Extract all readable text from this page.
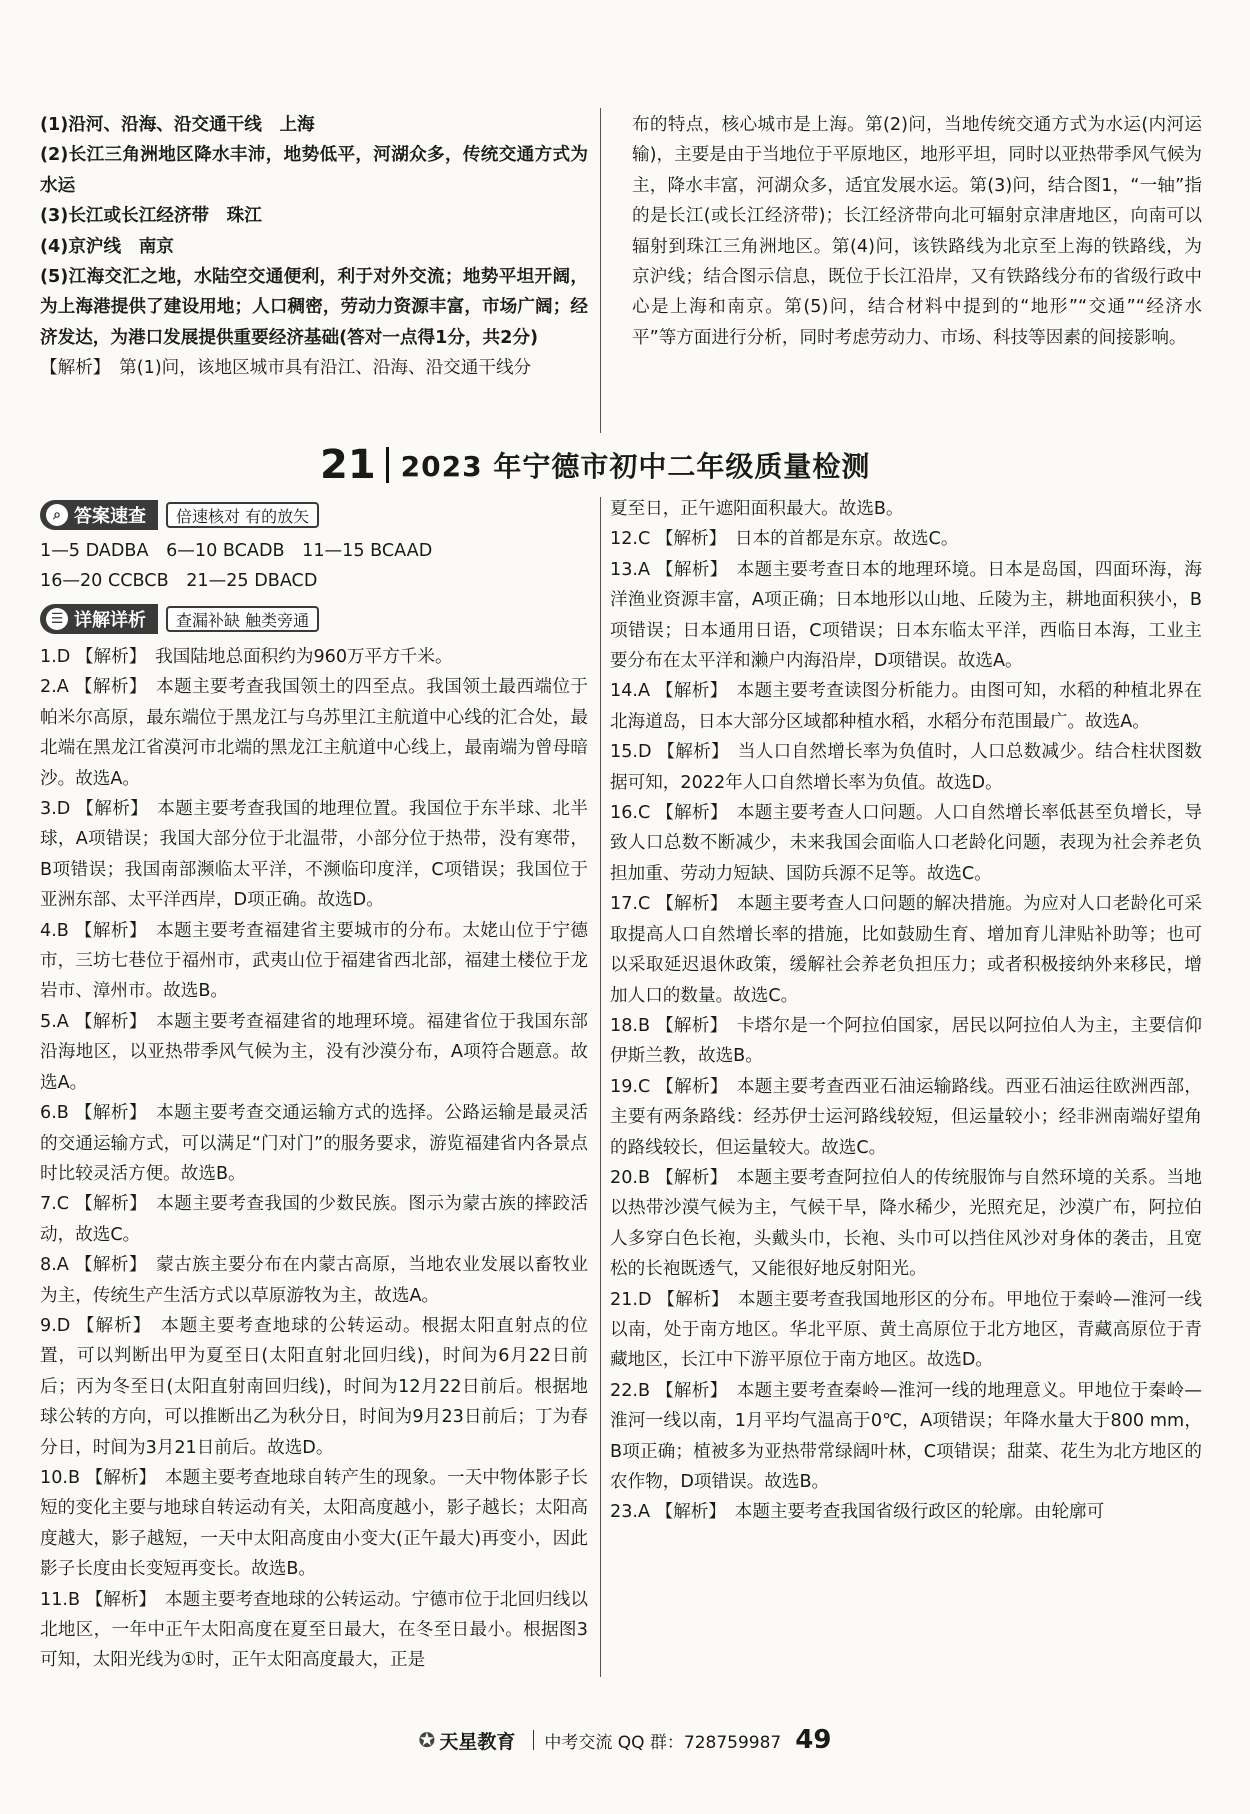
(1)沿河、沿海、沿交通干线　上海

(2)长江三角洲地区降水丰沛，地势低平，河湖众多，传统交通方式为水运

(3)长江或长江经济带　珠江

(4)京沪线　南京

(5)江海交汇之地，水陆空交通便利，利于对外交流；地势平坦开阔，为上海港提供了建设用地；人口稠密，劳动力资源丰富，市场广阔；经济发达，为港口发展提供重要经济基础(答对一点得1分，共2分)

【解析】　第(1)问，该地区城市具有沿江、沿海、沿交通干线分

布的特点，核心城市是上海。第(2)问，当地传统交通方式为水运(内河运输)，主要是由于当地位于平原地区，地形平坦，同时以亚热带季风气候为主，降水丰富，河湖众多，适宜发展水运。第(3)问，结合图1，“一轴”指的是长江(或长江经济带)；长江经济带向北可辐射京津唐地区，向南可以辐射到珠江三角洲地区。第(4)问，该铁路线为北京至上海的铁路线，为京沪线；结合图示信息，既位于长江沿岸，又有铁路线分布的省级行政中心是上海和南京。第(5)问，结合材料中提到的“地形”“交通”“经济水平”等方面进行分析，同时考虑劳动力、市场、科技等因素的间接影响。

21 2023 年宁德市初中二年级质量检测
⌕ 答案速查	倍速核对 有的放矢

1—5 DADBA　6—10 BCADB　11—15 BCAAD

16—20 CCBCB　21—25 DBACD

☰ 详解详析	查漏补缺 触类旁通

1.D 【解析】　我国陆地总面积约为960万平方千米。

2.A 【解析】　本题主要考查我国领土的四至点。我国领土最西端位于帕米尔高原，最东端位于黑龙江与乌苏里江主航道中心线的汇合处，最北端在黑龙江省漠河市北端的黑龙江主航道中心线上，最南端为曾母暗沙。故选A。

3.D 【解析】　本题主要考查我国的地理位置。我国位于东半球、北半球，A项错误；我国大部分位于北温带，小部分位于热带，没有寒带，B项错误；我国南部濒临太平洋，不濒临印度洋，C项错误；我国位于亚洲东部、太平洋西岸，D项正确。故选D。

4.B 【解析】　本题主要考查福建省主要城市的分布。太姥山位于宁德市，三坊七巷位于福州市，武夷山位于福建省西北部，福建土楼位于龙岩市、漳州市。故选B。

5.A 【解析】　本题主要考查福建省的地理环境。福建省位于我国东部沿海地区，以亚热带季风气候为主，没有沙漠分布，A项符合题意。故选A。

6.B 【解析】　本题主要考查交通运输方式的选择。公路运输是最灵活的交通运输方式，可以满足“门对门”的服务要求，游览福建省内各景点时比较灵活方便。故选B。

7.C 【解析】　本题主要考查我国的少数民族。图示为蒙古族的摔跤活动，故选C。

8.A 【解析】　蒙古族主要分布在内蒙古高原，当地农业发展以畜牧业为主，传统生产生活方式以草原游牧为主，故选A。

9.D 【解析】　本题主要考查地球的公转运动。根据太阳直射点的位置，可以判断出甲为夏至日(太阳直射北回归线)，时间为6月22日前后；丙为冬至日(太阳直射南回归线)，时间为12月22日前后。根据地球公转的方向，可以推断出乙为秋分日，时间为9月23日前后；丁为春分日，时间为3月21日前后。故选D。

10.B 【解析】　本题主要考查地球自转产生的现象。一天中物体影子长短的变化主要与地球自转运动有关，太阳高度越小，影子越长；太阳高度越大，影子越短，一天中太阳高度由小变大(正午最大)再变小，因此影子长度由长变短再变长。故选B。

11.B 【解析】　本题主要考查地球的公转运动。宁德市位于北回归线以北地区，一年中正午太阳高度在夏至日最大，在冬至日最小。根据图3可知，太阳光线为①时，正午太阳高度最大，正是

夏至日，正午遮阳面积最大。故选B。

12.C 【解析】　日本的首都是东京。故选C。

13.A 【解析】　本题主要考查日本的地理环境。日本是岛国，四面环海，海洋渔业资源丰富，A项正确；日本地形以山地、丘陵为主，耕地面积狭小，B项错误；日本通用日语，C项错误；日本东临太平洋，西临日本海，工业主要分布在太平洋和濑户内海沿岸，D项错误。故选A。

14.A 【解析】　本题主要考查读图分析能力。由图可知，水稻的种植北界在北海道岛，日本大部分区域都种植水稻，水稻分布范围最广。故选A。

15.D 【解析】　当人口自然增长率为负值时，人口总数减少。结合柱状图数据可知，2022年人口自然增长率为负值。故选D。

16.C 【解析】　本题主要考查人口问题。人口自然增长率低甚至负增长，导致人口总数不断减少，未来我国会面临人口老龄化问题，表现为社会养老负担加重、劳动力短缺、国防兵源不足等。故选C。

17.C 【解析】　本题主要考查人口问题的解决措施。为应对人口老龄化可采取提高人口自然增长率的措施，比如鼓励生育、增加育儿津贴补助等；也可以采取延迟退休政策，缓解社会养老负担压力；或者积极接纳外来移民，增加人口的数量。故选C。

18.B 【解析】　卡塔尔是一个阿拉伯国家，居民以阿拉伯人为主，主要信仰伊斯兰教，故选B。

19.C 【解析】　本题主要考查西亚石油运输路线。西亚石油运往欧洲西部，主要有两条路线：经苏伊士运河路线较短，但运量较小；经非洲南端好望角的路线较长，但运量较大。故选C。

20.B 【解析】　本题主要考查阿拉伯人的传统服饰与自然环境的关系。当地以热带沙漠气候为主，气候干旱，降水稀少，光照充足，沙漠广布，阿拉伯人多穿白色长袍，头戴头巾，长袍、头巾可以挡住风沙对身体的袭击，且宽松的长袍既透气，又能很好地反射阳光。

21.D 【解析】　本题主要考查我国地形区的分布。甲地位于秦岭—淮河一线以南，处于南方地区。华北平原、黄土高原位于北方地区，青藏高原位于青藏地区，长江中下游平原位于南方地区。故选D。

22.B 【解析】　本题主要考查秦岭—淮河一线的地理意义。甲地位于秦岭—淮河一线以南，1月平均气温高于0℃，A项错误；年降水量大于800 mm，B项正确；植被多为亚热带常绿阔叶林，C项错误；甜菜、花生为北方地区的农作物，D项错误。故选B。

23.A 【解析】　本题主要考查我国省级行政区的轮廓。由轮廓可

✪ 天星教育 中考交流 QQ 群：728759987 49
